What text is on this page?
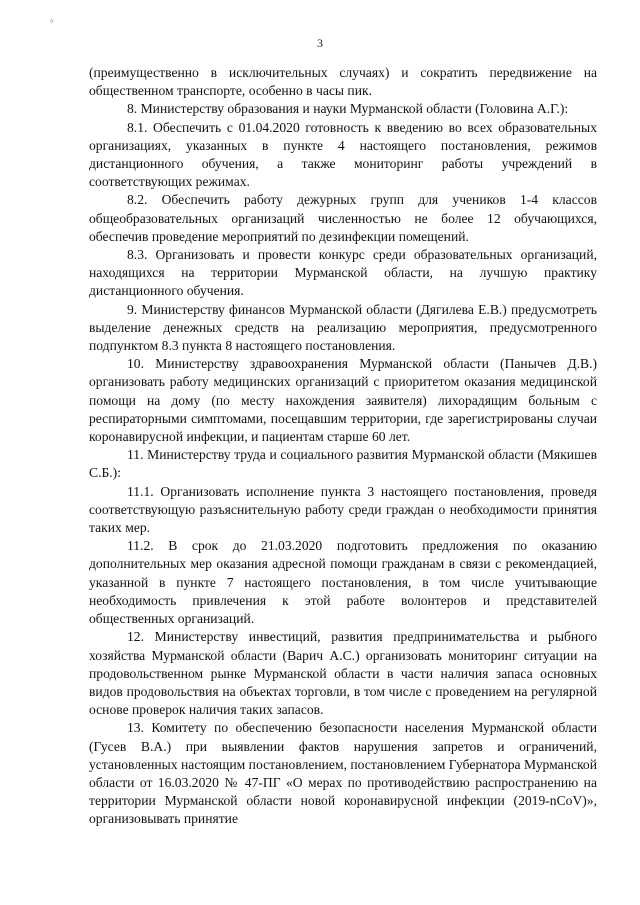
°
3

(преимущественно в исключительных случаях) и сократить передвижение на общественном транспорте, особенно в часы пик.

8. Министерству образования и науки Мурманской области (Головина А.Г.):

8.1. Обеспечить с 01.04.2020 готовность к введению во всех образовательных организациях, указанных в пункте 4 настоящего постановления, режимов дистанционного обучения, а также мониторинг работы учреждений в соответствующих режимах.

8.2. Обеспечить работу дежурных групп для учеников 1-4 классов общеобразовательных организаций численностью не более 12 обучающихся, обеспечив проведение мероприятий по дезинфекции помещений.

8.3. Организовать и провести конкурс среди образовательных организаций, находящихся на территории Мурманской области, на лучшую практику дистанционного обучения.

9. Министерству финансов Мурманской области (Дягилева Е.В.) предусмотреть выделение денежных средств на реализацию мероприятия, предусмотренного подпунктом 8.3 пункта 8 настоящего постановления.

10. Министерству здравоохранения Мурманской области (Панычев Д.В.) организовать работу медицинских организаций с приоритетом оказания медицинской помощи на дому (по месту нахождения заявителя) лихорадящим больным с респираторными симптомами, посещавшим территории, где зарегистрированы случаи коронавирусной инфекции, и пациентам старше 60 лет.

11. Министерству труда и социального развития Мурманской области (Мякишев С.Б.):

11.1. Организовать исполнение пункта 3 настоящего постановления, проведя соответствующую разъяснительную работу среди граждан о необходимости принятия таких мер.

11.2. В срок до 21.03.2020 подготовить предложения по оказанию дополнительных мер оказания адресной помощи гражданам в связи с рекомендацией, указанной в пункте 7 настоящего постановления, в том числе учитывающие необходимость привлечения к этой работе волонтеров и представителей общественных организаций.

12. Министерству инвестиций, развития предпринимательства и рыбного хозяйства Мурманской области (Варич А.С.) организовать мониторинг ситуации на продовольственном рынке Мурманской области в части наличия запаса основных видов продовольствия на объектах торговли, в том числе с проведением на регулярной основе проверок наличия таких запасов.

13. Комитету по обеспечению безопасности населения Мурманской области (Гусев В.А.) при выявлении фактов нарушения запретов и ограничений, установленных настоящим постановлением, постановлением Губернатора Мурманской области от 16.03.2020 № 47-ПГ «О мерах по противодействию распространению на территории Мурманской области новой коронавирусной инфекции (2019-nCoV)», организовывать принятие
